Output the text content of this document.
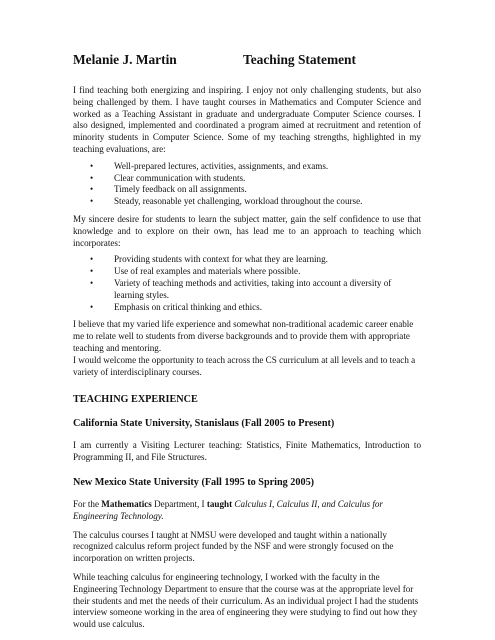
Melanie J. Martin	Teaching Statement

I find teaching both energizing and inspiring. I enjoy not only challenging students, but also being challenged by them. I have taught courses in Mathematics and Computer Science and worked as a Teaching Assistant in graduate and undergraduate Computer Science courses. I also designed, implemented and coordinated a program aimed at recruitment and retention of minority students in Computer Science. Some of my teaching strengths, highlighted in my teaching evaluations, are:

• Well-prepared lectures, activities, assignments, and exams.
• Clear communication with students.
• Timely feedback on all assignments.
• Steady, reasonable yet challenging, workload throughout the course.

My sincere desire for students to learn the subject matter, gain the self confidence to use that knowledge and to explore on their own, has lead me to an approach to teaching which incorporates:

• Providing students with context for what they are learning.
• Use of real examples and materials where possible.
• Variety of teaching methods and activities, taking into account a diversity of learning styles.
• Emphasis on critical thinking and ethics.

I believe that my varied life experience and somewhat non-traditional academic career enable me to relate well to students from diverse backgrounds and to provide them with appropriate teaching and mentoring.

I would welcome the opportunity to teach across the CS curriculum at all levels and to teach a variety of interdisciplinary courses.

TEACHING EXPERIENCE
California State University, Stanislaus (Fall 2005 to Present)

I am currently a Visiting Lecturer teaching: Statistics, Finite Mathematics, Introduction to Programming II, and File Structures.

New Mexico State University (Fall 1995 to Spring 2005)

For the Mathematics Department, I taught Calculus I, Calculus II, and Calculus for Engineering Technology.

The calculus courses I taught at NMSU were developed and taught within a nationally recognized calculus reform project funded by the NSF and were strongly focused on the incorporation on written projects.

While teaching calculus for engineering technology, I worked with the faculty in the Engineering Technology Department to ensure that the course was at the appropriate level for their students and met the needs of their curriculum. As an individual project I had the students interview someone working in the area of engineering they were studying to find out how they would use calculus.
